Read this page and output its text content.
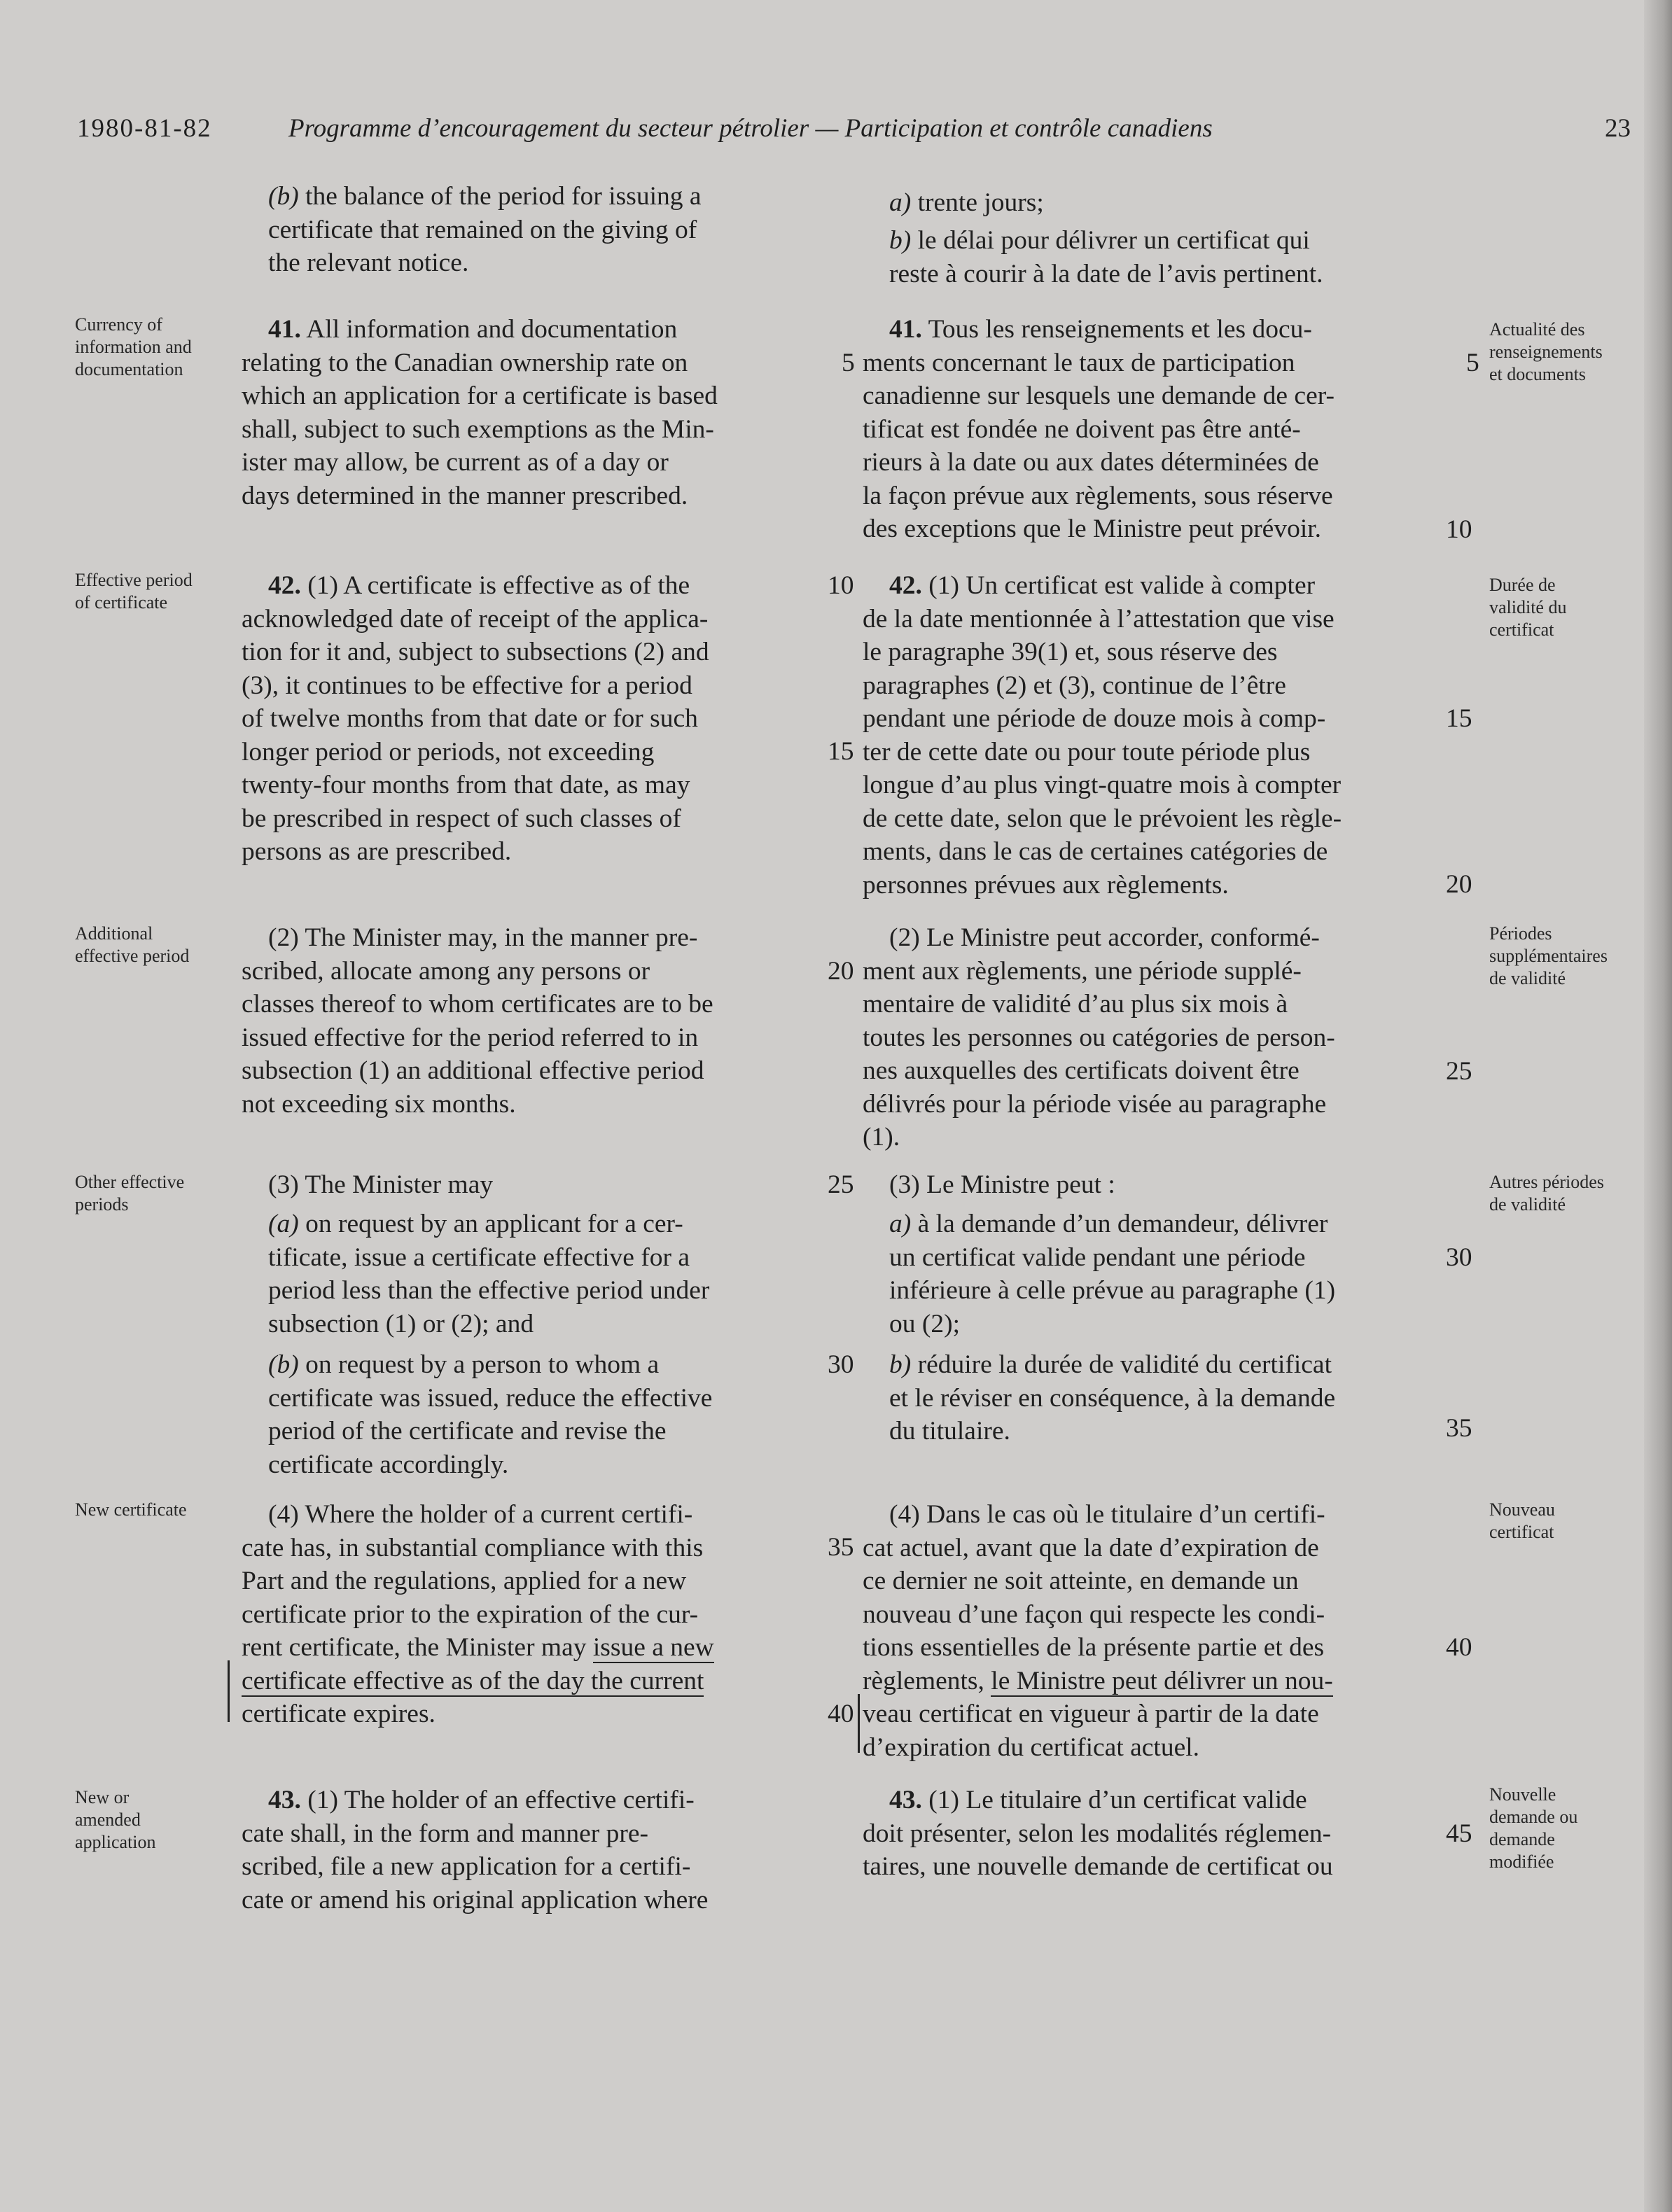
1980-81-82	Programme d’encouragement du secteur pétrolier — Participation et contrôle canadiens	23
Currency of
information and
documentation
Effective period
of certificate
Additional
effective period
Other effective
periods
New certificate
New or
amended
application
Actualité des
renseignements
et documents
Durée de
validité du
certificat
Périodes
supplémentaires
de validité
Autres périodes
de validité
Nouveau
certificat
Nouvelle
demande ou
demande
modifiée
(b) the balance of the period for issuing a
certificate that remained on the giving of
the relevant notice.
41. All information and documentation
relating to the Canadian ownership rate on
which an application for a certificate is based
shall, subject to such exemptions as the Min-
ister may allow, be current as of a day or
days determined in the manner prescribed.
42. (1) A certificate is effective as of the
acknowledged date of receipt of the applica-
tion for it and, subject to subsections (2) and
(3), it continues to be effective for a period
of twelve months from that date or for such
longer period or periods, not exceeding
twenty-four months from that date, as may
be prescribed in respect of such classes of
persons as are prescribed.
(2) The Minister may, in the manner pre-
scribed, allocate among any persons or
classes thereof to whom certificates are to be
issued effective for the period referred to in
subsection (1) an additional effective period
not exceeding six months.
(3) The Minister may
(a) on request by an applicant for a cer-
tificate, issue a certificate effective for a
period less than the effective period under
subsection (1) or (2); and
(b) on request by a person to whom a
certificate was issued, reduce the effective
period of the certificate and revise the
certificate accordingly.
(4) Where the holder of a current certifi-
cate has, in substantial compliance with this
Part and the regulations, applied for a new
certificate prior to the expiration of the cur-
rent certificate, the Minister may issue a new
certificate effective as of the day the current
certificate expires.
43. (1) The holder of an effective certifi-
cate shall, in the form and manner pre-
scribed, file a new application for a certifi-
cate or amend his original application where
a) trente jours;
b) le délai pour délivrer un certificat qui
reste à courir à la date de l’avis pertinent.
41. Tous les renseignements et les docu-
ments concernant le taux de participation
canadienne sur lesquels une demande de cer-
tificat est fondée ne doivent pas être anté-
rieurs à la date ou aux dates déterminées de
la façon prévue aux règlements, sous réserve
des exceptions que le Ministre peut prévoir.
42. (1) Un certificat est valide à compter
de la date mentionnée à l’attestation que vise
le paragraphe 39(1) et, sous réserve des
paragraphes (2) et (3), continue de l’être
pendant une période de douze mois à comp-
ter de cette date ou pour toute période plus
longue d’au plus vingt-quatre mois à compter
de cette date, selon que le prévoient les règle-
ments, dans le cas de certaines catégories de
personnes prévues aux règlements.
(2) Le Ministre peut accorder, conformé-
ment aux règlements, une période supplé-
mentaire de validité d’au plus six mois à
toutes les personnes ou catégories de person-
nes auxquelles des certificats doivent être
délivrés pour la période visée au paragraphe
(1).
(3) Le Ministre peut :
a) à la demande d’un demandeur, délivrer
un certificat valide pendant une période
inférieure à celle prévue au paragraphe (1)
ou (2);
b) réduire la durée de validité du certificat
et le réviser en conséquence, à la demande
du titulaire.
(4) Dans le cas où le titulaire d’un certifi-
cat actuel, avant que la date d’expiration de
ce dernier ne soit atteinte, en demande un
nouveau d’une façon qui respecte les condi-
tions essentielles de la présente partie et des
règlements, le Ministre peut délivrer un nou-
veau certificat en vigueur à partir de la date
d’expiration du certificat actuel.
43. (1) Le titulaire d’un certificat valide
doit présenter, selon les modalités réglemen-
taires, une nouvelle demande de certificat ou
5
10
15
20
25
30
35
40
5
10
15
20
25
30
35
40
45
